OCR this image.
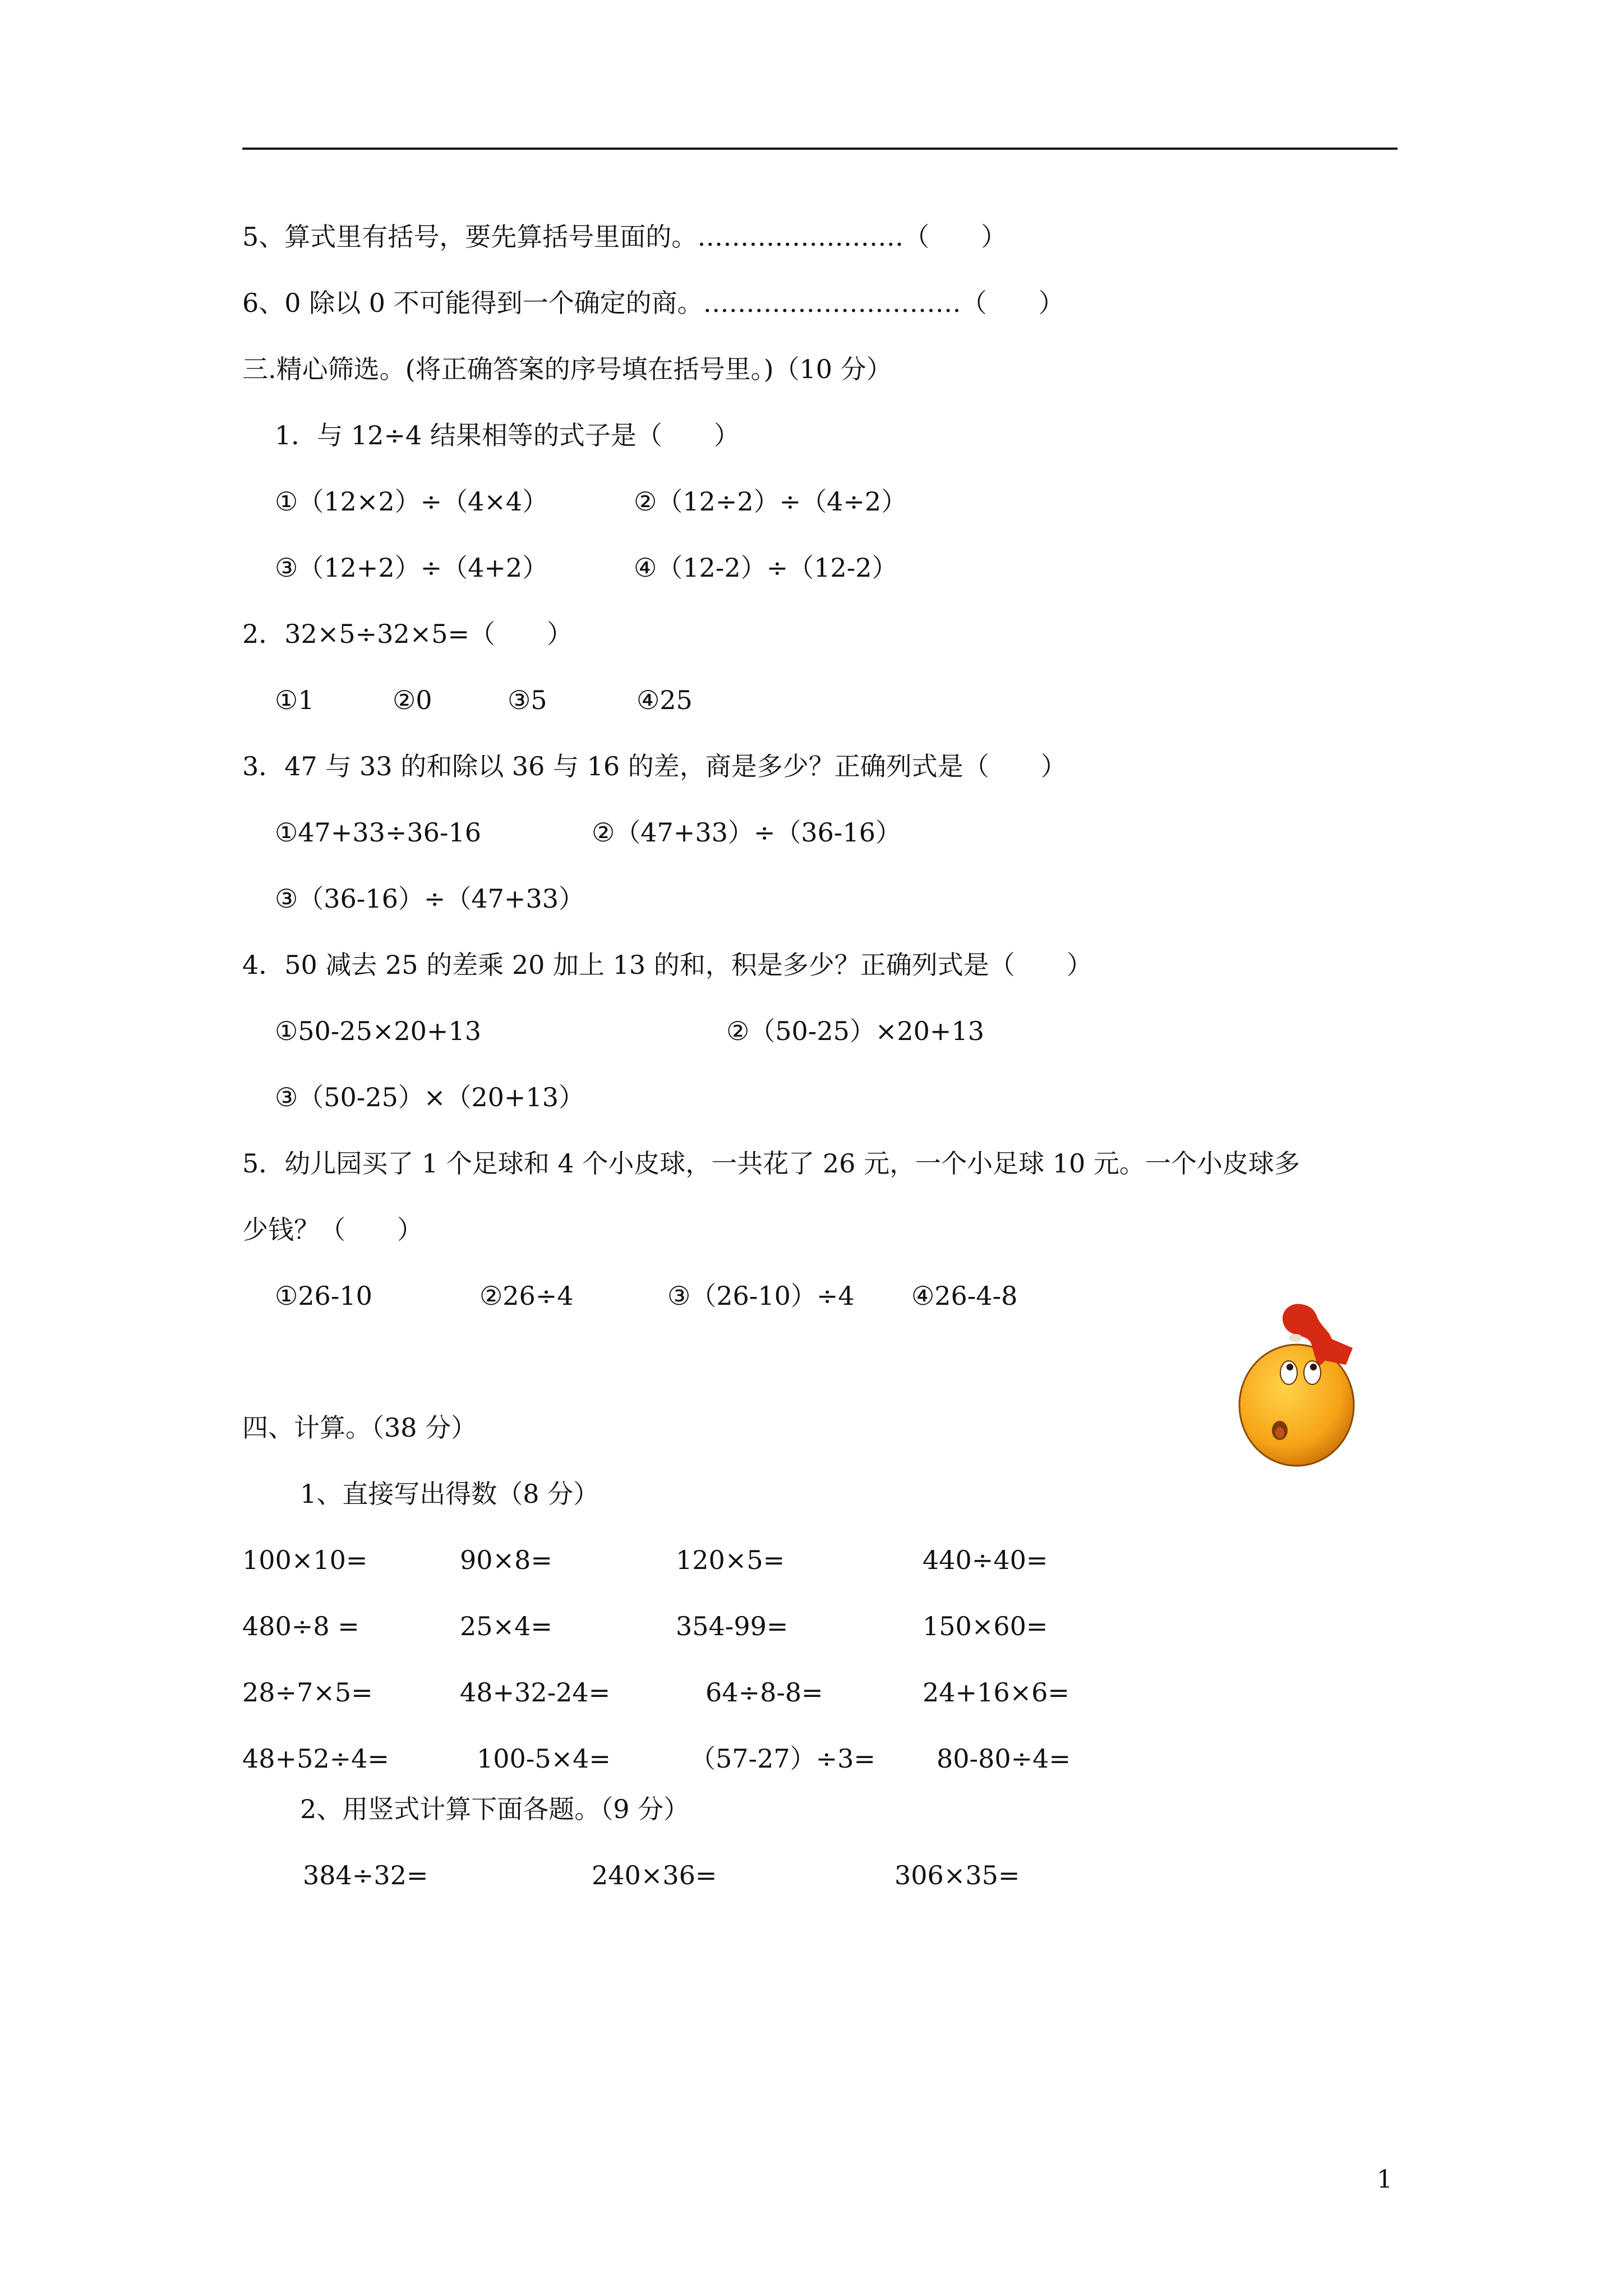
5、算式里有括号，要先算括号里面的。……………………（　　）
6、0 除以 0 不可能得到一个确定的商。…………………………（　　）
三.精心筛选。(将正确答案的序号填在括号里。)（10 分）
1．与 12÷4 结果相等的式子是（　　）
①（12×2）÷（4×4）	②（12÷2）÷（4÷2）
③（12+2）÷（4+2）	④（12-2）÷（12-2）
2．32×5÷32×5=（　　）
①1	②0	③5	④25
3．47 与 33 的和除以 36 与 16 的差，商是多少？正确列式是（　　）
①47+33÷36-16	②（47+33）÷（36-16）
③（36-16）÷（47+33）
4．50 减去 25 的差乘 20 加上 13 的和，积是多少？正确列式是（　　）
①50-25×20+13	②（50-25）×20+13
③（50-25）×（20+13）
5．幼儿园买了 1 个足球和 4 个小皮球，一共花了 26 元，一个小足球 10 元。一个小皮球多
少钱？（　　）
①26-10	②26÷4	③（26-10）÷4 ④26-4-8
四、计算。（38 分）
1、直接写出得数（8 分）
100×10=	90×8=	120×5=	440÷40=
480÷8 =	25×4=	354-99=	150×60=
28÷7×5=	48+32-24=	64÷8-8=	24+16×6=
48+52÷4=	100-5×4=	（57-27）÷3= 80-80÷4=
2、用竖式计算下面各题。（9 分）
384÷32=	240×36=	306×35=
1
